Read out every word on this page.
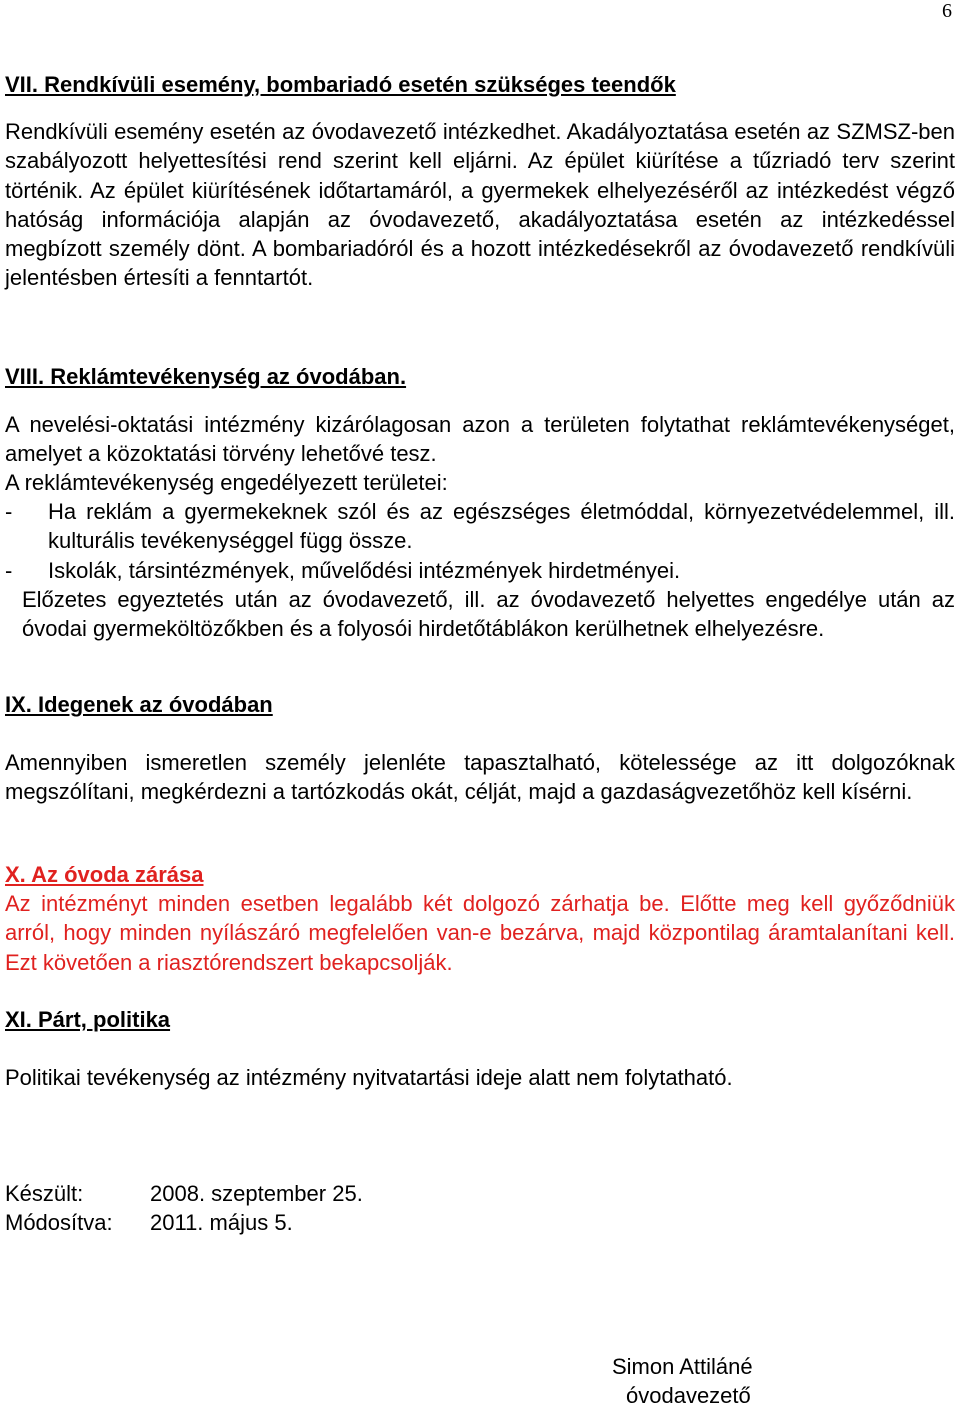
6
VII. Rendkívüli esemény, bombariadó esetén szükséges teendők

Rendkívüli esemény esetén az óvodavezető intézkedhet. Akadályoztatása esetén az SZMSZ-ben szabályozott helyettesítési rend szerint kell eljárni. Az épület kiürítése a tűzriadó terv szerint történik. Az épület kiürítésének időtartamáról, a gyermekek elhelyezéséről az intézkedést végző hatóság információja alapján az óvodavezető, akadályoztatása esetén az intézkedéssel megbízott személy dönt. A bombariadóról és a hozott intézkedésekről az óvodavezető rendkívüli jelentésben értesíti a fenntartót.

VIII. Reklámtevékenység az óvodában.

A nevelési-oktatási intézmény kizárólagosan azon a területen folytathat reklámtevékenységet, amelyet a közoktatási törvény lehetővé tesz.

A reklámtevékenység engedélyezett területei:

- Ha reklám a gyermekeknek szól és az egészséges életmóddal, környezetvédelemmel, ill. kulturális tevékenységgel függ össze.

- Iskolák, társintézmények, művelődési intézmények hirdetményei.

Előzetes egyeztetés után az óvodavezető, ill. az óvodavezető helyettes engedélye után az óvodai gyermeköltözőkben és a folyosói hirdetőtáblákon kerülhetnek elhelyezésre.

IX. Idegenek az óvodában

Amennyiben ismeretlen személy jelenléte tapasztalható, kötelessége az itt dolgozóknak megszólítani, megkérdezni a tartózkodás okát, célját, majd a gazdaságvezetőhöz kell kísérni.

X. Az óvoda zárása

Az intézményt minden esetben legalább két dolgozó zárhatja be. Előtte meg kell győződniük arról, hogy minden nyílászáró megfelelően van-e bezárva, majd központilag áramtalanítani kell. Ezt követően a riasztórendszert bekapcsolják.

XI. Párt, politika

Politikai tevékenység az intézmény nyitvatartási ideje alatt nem folytatható.

Készült:	2008. szeptember 25.

Módosítva: 2011. május 5.

Simon Attiláné
óvodavezető
